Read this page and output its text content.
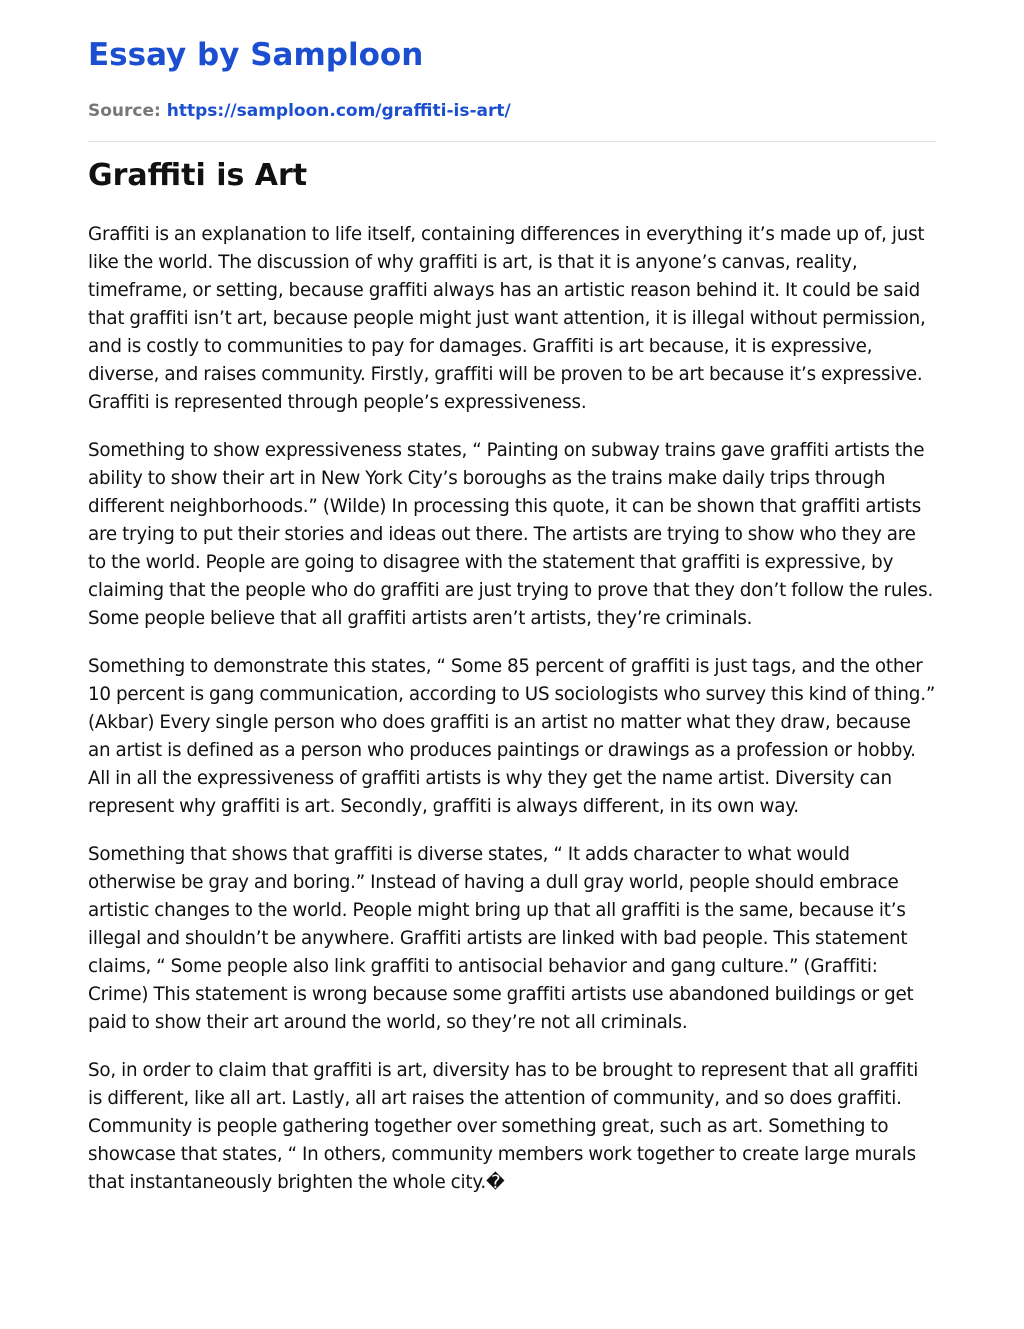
Essay by Samploon
Source: https://samploon.com/graffiti-is-art/
Graffiti is Art

Graffiti is an explanation to life itself, containing differences in everything it’s made up of, just like the world. The discussion of why graffiti is art, is that it is anyone’s canvas, reality, timeframe, or setting, because graffiti always has an artistic reason behind it. It could be said that graffiti isn’t art, because people might just want attention, it is illegal without permission, and is costly to communities to pay for damages. Graffiti is art because, it is expressive, diverse, and raises community. Firstly, graffiti will be proven to be art because it’s expressive. Graffiti is represented through people’s expressiveness.

Something to show expressiveness states, “ Painting on subway trains gave graffiti artists the ability to show their art in New York City’s boroughs as the trains make daily trips through different neighborhoods.” (Wilde) In processing this quote, it can be shown that graffiti artists are trying to put their stories and ideas out there. The artists are trying to show who they are to the world. People are going to disagree with the statement that graffiti is expressive, by claiming that the people who do graffiti are just trying to prove that they don’t follow the rules. Some people believe that all graffiti artists aren’t artists, they’re criminals.

Something to demonstrate this states, “ Some 85 percent of graffiti is just tags, and the other 10 percent is gang communication, according to US sociologists who survey this kind of thing.” (Akbar) Every single person who does graffiti is an artist no matter what they draw, because an artist is defined as a person who produces paintings or drawings as a profession or hobby. All in all the expressiveness of graffiti artists is why they get the name artist. Diversity can represent why graffiti is art. Secondly, graffiti is always different, in its own way.

Something that shows that graffiti is diverse states, “ It adds character to what would otherwise be gray and boring.” Instead of having a dull gray world, people should embrace artistic changes to the world. People might bring up that all graffiti is the same, because it’s illegal and shouldn’t be anywhere. Graffiti artists are linked with bad people. This statement claims, “ Some people also link graffiti to antisocial behavior and gang culture.” (Graffiti: Crime) This statement is wrong because some graffiti artists use abandoned buildings or get paid to show their art around the world, so they’re not all criminals.

So, in order to claim that graffiti is art, diversity has to be brought to represent that all graffiti is different, like all art. Lastly, all art raises the attention of community, and so does graffiti. Community is people gathering together over something great, such as art. Something to showcase that states, “ In others, community members work together to create large murals that instantaneously brighten the whole city.�
